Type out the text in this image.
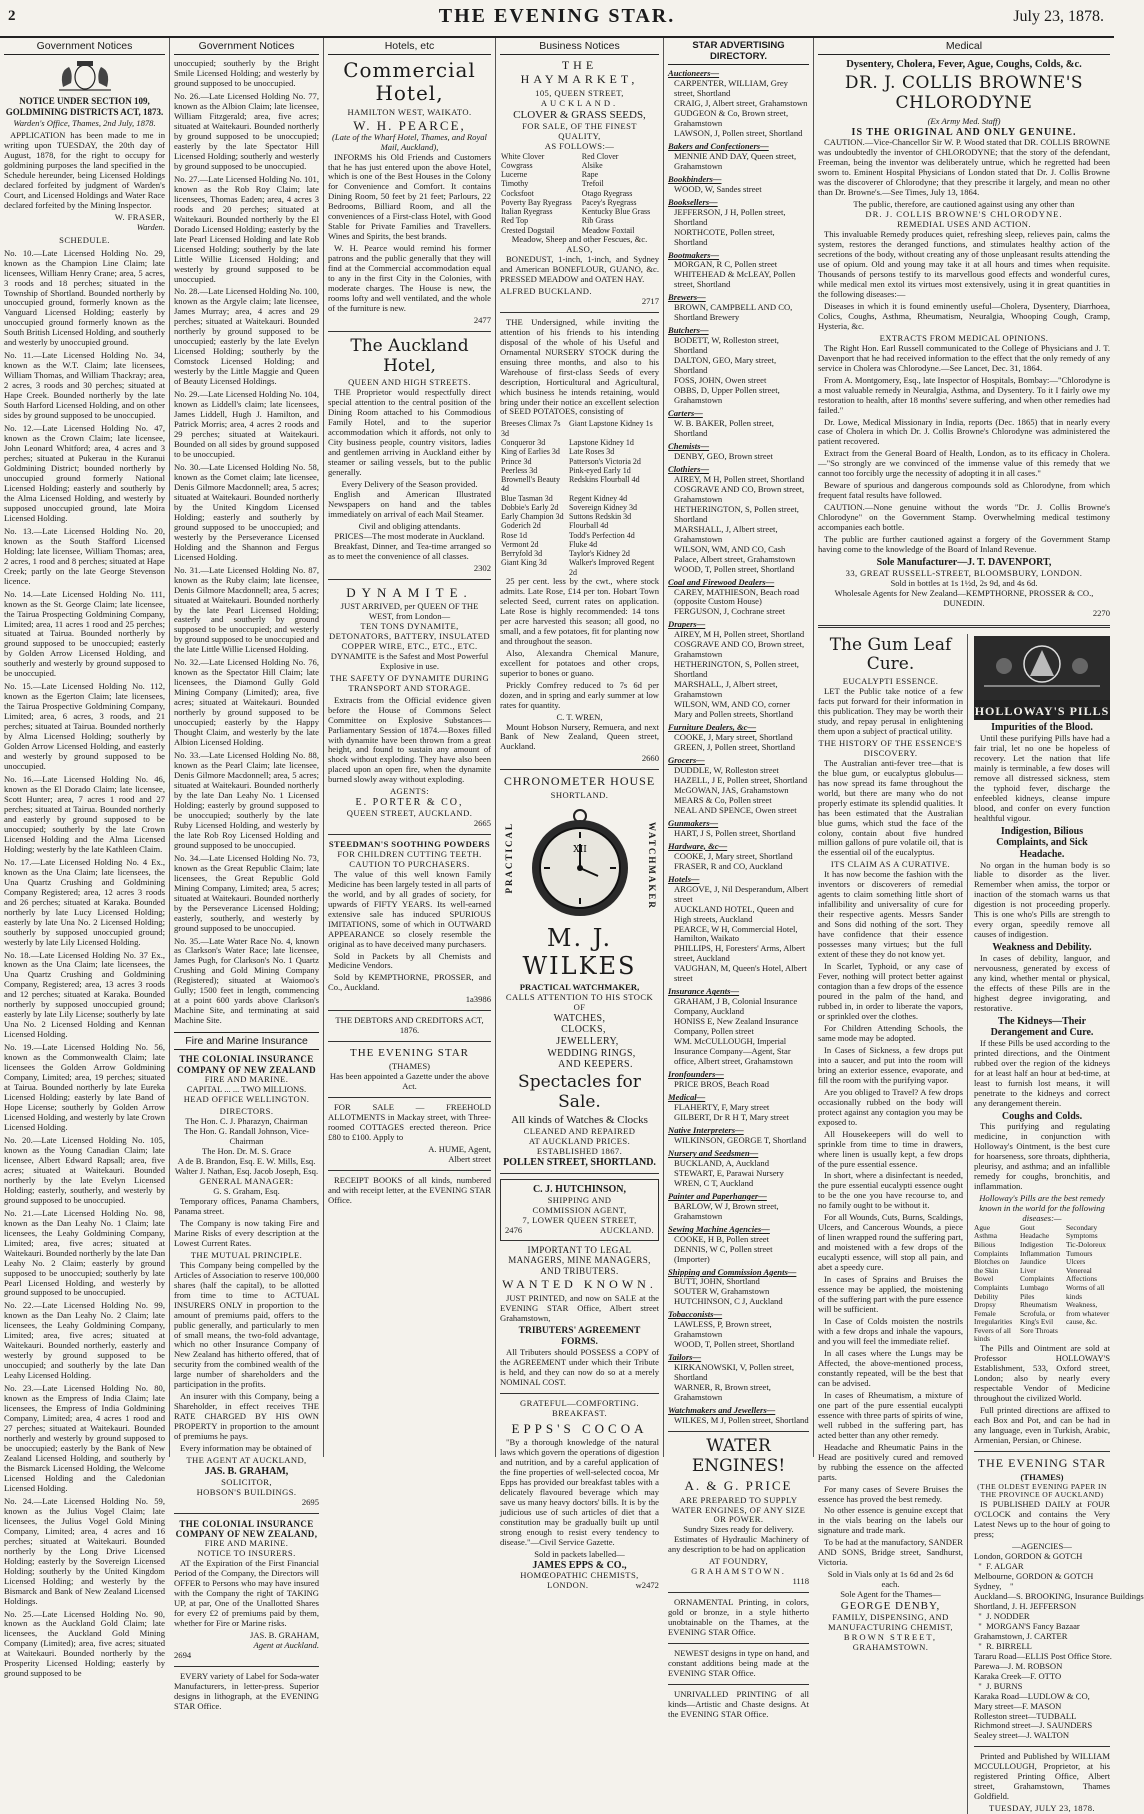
2	THE EVENING STAR.	July 23, 1878.
Government Notices
NOTICE UNDER SECTION 109, GOLDMINING DISTRICTS ACT, 1873.
Warden's Office, Thames, 2nd July, 1878.

APPLICATION has been made to me in writing upon TUESDAY, the 20th day of August, 1878, for the right to occupy for goldmining purposes the land specified in the Schedule hereunder, being Licensed Holdings declared forfeited by judgment of Warden's Court, and Licensed Holdings and Water Race declared forfeited by the Mining Inspector.

W. FRASER,
Warden.
SCHEDULE.
No. 10.—Late Licensed Holding No. 29, known as the Champion Line Claim; late licensees, William Henry Crane; area, 5 acres, 3 roods and 18 perches; situated in the Township of Shortland. Bounded northerly by unoccupied ground, formerly known as the Vanguard Licensed Holding; easterly by unoccupied ground formerly known as the South British Licensed Holding, and southerly and westerly by unoccupied ground.
No. 11.—Late Licensed Holding No. 34, known as the W.T. Claim; late licensees, William Thomas, and William Thackray; area, 2 acres, 3 roods and 30 perches; situated at Hape Creek. Bounded northerly by the late South Harford Licensed Holding, and on other sides by ground supposed to be unoccupied.
No. 12.—Late Licensed Holding No. 47, known as the Crown Claim; late licensee, John Leonard Whitford; area, 4 acres and 3 perches; situated at Pukerau in the Kuranui Goldmining District; bounded northerly by unoccupied ground formerly National Licensed Holding; easterly and southerly by the Alma Licensed Holding, and westerly by supposed unoccupied ground, late Moira Licensed Holding.
No. 13.—Late Licensed Holding No. 20, known as the South Stafford Licensed Holding; late licensee, William Thomas; area, 2 acres, 1 rood and 8 perches; situated at Hape Creek; partly on the late George Stevenson licence.
No. 14.—Late Licensed Holding No. 111, known as the St. George Claim; late licensee, the Tairua Prospecting Goldmining Company, Limited; area, 11 acres 1 rood and 25 perches; situated at Tairua. Bounded northerly by ground supposed to be unoccupied; easterly by Golden Arrow Licensed Holding, and southerly and westerly by ground supposed to be unoccupied.
No. 15.—Late Licensed Holding No. 112, known as the Egerton Claim; late licensees, the Tairua Prospective Goldmining Company, Limited; area, 6 acres, 3 roods, and 21 perches; situated at Tairua. Bounded northerly by Alma Licensed Holding; southerly by Golden Arrow Licensed Holding, and easterly and westerly by ground supposed to be unoccupied.
No. 16.—Late Licensed Holding No. 46, known as the El Dorado Claim; late licensee, Scott Hunter; area, 7 acres 1 rood and 27 perches; situated at Tairua. Bounded northerly and easterly by ground supposed to be unoccupied; southerly by the late Crown Licensed Holding and the Alma Licensed Holding; westerly by the late Kathleen Claim.
No. 17.—Late Licensed Holding No. 4 Ex., known as the Una Claim; late licensees, the Una Quartz Crushing and Goldmining Company Registered; area, 12 acres 3 roods and 26 perches; situated at Karaka. Bounded northerly by late Lucy Licensed Holding; easterly by late Una No. 2 Licensed Holding; southerly by supposed unoccupied ground; westerly by late Lily Licensed Holding.
No. 18.—Late Licensed Holding No. 37 Ex., known as the Una Claim; late licensees, the Una Quartz Crushing and Goldmining Company, Registered; area, 13 acres 3 roods and 12 perches; situated at Karaka. Bounded northerly by supposed unoccupied ground; easterly by late Lily License; southerly by late Una No. 2 Licensed Holding and Kennan Licensed Holding.
No. 19.—Late Licensed Holding No. 56, known as the Commonwealth Claim; late licensees the Golden Arrow Goldmining Company, Limited; area, 19 perches; situated at Tairua. Bounded northerly by late Eureka Licensed Holding; easterly by late Band of Hope License; southerly by Golden Arrow Licensed Holding, and westerly by late Crown Licensed Holding.
No. 20.—Late Licensed Holding No. 105, known as the Young Canadian Claim; late licensee, Albert Edward Rapsall; area, five acres; situated at Waitekauri. Bounded northerly by the late Evelyn Licensed Holding; easterly, southerly, and westerly by ground supposed to be unoccupied.
No. 21.—Late Licensed Holding No. 98, known as the Dan Leahy No. 1 Claim; late licensees, the Leahy Goldmining Company, Limited; area, five acres; situated at Waitekauri. Bounded northerly by the late Dan Leahy No. 2 Claim; easterly by ground supposed to be unoccupied; southerly by late Pearl Licensed Holding, and westerly by ground supposed to be unoccupied.
No. 22.—Late Licensed Holding No. 99, known as the Dan Leahy No. 2 Claim; late licensees, the Leahy Goldmining Company, Limited; area, five acres; situated at Waitekauri. Bounded northerly, easterly and westerly by ground supposed to be unoccupied; and southerly by the late Dan Leahy Licensed Holding.
No. 23.—Late Licensed Holding No. 80, known as the Empress of India Claim; late licensees, the Empress of India Goldmining Company, Limited; area, 4 acres 1 rood and 27 perches; situated at Waitekauri. Bounded northerly and westerly by ground supposed to be unoccupied; easterly by the Bank of New Zealand Licensed Holding, and southerly by the Bismarck Licensed Holding, the Welcome Licensed Holding and the Caledonian Licensed Holding.
No. 24.—Late Licensed Holding No. 59, known as the Julius Vogel Claim; late licensees, the Julius Vogel Gold Mining Company, Limited; area, 4 acres and 16 perches; situated at Waitekauri. Bounded northerly by the Long Drive Licensed Holding; easterly by the Sovereign Licensed Holding; southerly by the United Kingdom Licensed Holding; and westerly by the Bismarck and Bank of New Zealand Licensed Holdings.
No. 25.—Late Licensed Holding No. 90, known as the Auckland Gold Claim; late licensees, the Auckland Gold Mining Company (Limited); area, five acres; situated at Waitekauri. Bounded northerly by the Prosperity Licensed Holding; easterly by ground supposed to be
Government Notices
unoccupied; southerly by the Bright Smile Licensed Holding; and westerly by ground supposed to be unoccupied.
No. 26.—Late Licensed Holding No. 77, known as the Albion Claim; late licensee, William Fitzgerald; area, five acres; situated at Waitekauri. Bounded northerly by ground supposed to be unoccupied; easterly by the late Spectator Hill Licensed Holding; southerly and westerly by ground supposed to be unoccupied.
No. 27.—Late Licensed Holding No. 101, known as the Rob Roy Claim; late licensees, Thomas Eaden; area, 4 acres 3 roods and 20 perches; situated at Waitekauri. Bounded northerly by the El Dorado Licensed Holding; easterly by the late Pearl Licensed Holding and late Rob Licensed Holding; southerly by the late Little Willie Licensed Holding; and westerly by ground supposed to be unoccupied.
No. 28.—Late Licensed Holding No. 100, known as the Argyle claim; late licensee, James Murray; area, 4 acres and 29 perches; situated at Waitekauri. Bounded northerly by ground supposed to be unoccupied; easterly by the late Evelyn Licensed Holding; southerly by the Comstock Licensed Holding; and westerly by the Little Maggie and Queen of Beauty Licensed Holdings.
No. 29.—Late Licensed Holding No. 104, known as Liddell's claim; late licensees, James Liddell, Hugh J. Hamilton, and Patrick Morris; area, 4 acres 2 roods and 29 perches; situated at Waitekauri. Bounded on all sides by ground supposed to be unoccupied.
No. 30.—Late Licensed Holding No. 58, known as the Comet claim; late licensee, Denis Gilmore Macdonnell; area, 5 acres; situated at Waitekauri. Bounded northerly by the United Kingdom Licensed Holding; easterly and southerly by ground supposed to be unoccupied; and westerly by the Perseverance Licensed Holding and the Shannon and Fergus Licensed Holding.
No. 31.—Late Licensed Holding No. 87, known as the Ruby claim; late licensee, Denis Gilmore Macdonnell; area, 5 acres; situated at Waitekauri. Bounded northerly by the late Pearl Licensed Holding; easterly and southerly by ground supposed to be unoccupied; and westerly by ground supposed to be unoccupied and the late Little Willie Licensed Holding.
No. 32.—Late Licensed Holding No. 76, known as the Spectator Hill Claim; late licensees, the Diamond Gully Gold Mining Company (Limited); area, five acres; situated at Waitekauri. Bounded northerly by ground supposed to be unoccupied; easterly by the Happy Thought Claim, and westerly by the late Albion Licensed Holding.
No. 33.—Late Licensed Holding No. 88, known as the Pearl Claim; late licensee, Denis Gilmore Macdonnell; area, 5 acres; situated at Waitekauri. Bounded northerly by the late Dan Leahy No. 1 Licensed Holding; easterly by ground supposed to be unoccupied; southerly by the late Ruby Licensed Holding, and westerly by the late Rob Roy Licensed Holding and ground supposed to be unoccupied.
No. 34.—Late Licensed Holding No. 73, known as the Great Republic Claim; late licensees, the Great Republic Gold Mining Company, Limited; area, 5 acres; situated at Waitekauri. Bounded northerly by the Perseverance Licensed Holding; easterly, southerly, and westerly by ground supposed to be unoccupied.
No. 35.—Late Water Race No. 4, known as Clarkson's Water Race; late licensee, James Pugh, for Clarkson's No. 1 Quartz Crushing and Gold Mining Company (Registered); situated at Waiomoo's Gully; 1500 feet in length, commencing at a point 600 yards above Clarkson's Machine Site, and terminating at said Machine Site.
Fire and Marine Insurance
THE COLONIAL INSURANCE COMPANY OF NEW ZEALAND
FIRE AND MARINE.
CAPITAL ... ... TWO MILLIONS.
HEAD OFFICE WELLINGTON.
DIRECTORS.
The Hon. C. J. Pharazyn, Chairman
The Hon. G. Randall Johnson, Vice-Chairman
The Hon. Dr. M. S. Grace
A de B. Brandon, Esq. E. W. Mills, Esq.
Walter J. Nathan, Esq. Jacob Joseph, Esq.
GENERAL MANAGER:
G. S. Graham, Esq.

Temporary offices, Panama Chambers, Panama street.

The Company is now taking Fire and Marine Risks of every description at the Lowest Current Rates.

THE MUTUAL PRINCIPLE.

This Company being compelled by the Articles of Association to reserve 100,000 shares (half the capital), to be allotted from time to time to ACTUAL INSURERS ONLY in proportion to the amount of premiums paid, offers to the public generally, and particularly to men of small means, the two-fold advantage, which no other Insurance Company of New Zealand has hitherto offered, that of security from the combined wealth of the large number of shareholders and the participation in the profits.

An insurer with this Company, being a Shareholder, in effect receives THE RATE CHARGED BY HIS OWN PROPERTY in proportion to the amount of premiums he pays.

Every information may be obtained of

THE AGENT AT AUCKLAND,
JAS. B. GRAHAM,
SOLICITOR,
HOBSON'S BUILDINGS.
2695
THE COLONIAL INSURANCE COMPANY OF NEW ZEALAND,
FIRE AND MARINE.
NOTICE TO INSURERS.

AT the Expiration of the First Financial Period of the Company, the Directors will OFFER to Persons who may have insured with the Company the right of TAKING UP, at par, One of the Unallotted Shares for every £2 of premiums paid by them, whether for Fire or Marine risks.

JAS. B. GRAHAM,
Agent at Auckland.
2694

EVERY variety of Label for Soda-water Manufacturers, in letter-press. Superior designs in lithograph, at the EVENING STAR Office.

Hotels, etc
Commercial Hotel,
HAMILTON WEST, WAIKATO.
W. H. PEARCE,
(Late of the Wharf Hotel, Thames, and Royal Mail, Auckland),

INFORMS his Old Friends and Customers that he has just entered upon the above Hotel, which is one of the Best Houses in the Colony for Convenience and Comfort. It contains Dining Room, 50 feet by 21 feet; Parlours, 22 Bedrooms, Billiard Room, and all the conveniences of a First-class Hotel, with Good Stable for Private Families and Travellers. Wines and Spirits, the best brands.

W. H. Pearce would remind his former patrons and the public generally that they will find at the Commercial accommodation equal to any in the first City in the Colonies, with moderate charges. The House is new, the rooms lofty and well ventilated, and the whole of the furniture is new.

2477
The Auckland Hotel,
QUEEN AND HIGH STREETS.

THE Proprietor would respectfully direct special attention to the central position of the Dining Room attached to his Commodious Family Hotel, and to the superior accommodation which it affords, not only to City business people, country visitors, ladies and gentlemen arriving in Auckland either by steamer or sailing vessels, but to the public generally.

Every Delivery of the Season provided.

English and American Illustrated Newspapers on hand and the tables immediately on arrival of each Mail Steamer.

Civil and obliging attendants.
PRICES—The most moderate in Auckland.

Breakfast, Dinner, and Tea-time arranged so as to meet the convenience of all classes.

2302
DYNAMITE.
JUST ARRIVED, per QUEEN OF THE WEST, from London—
TEN TONS DYNAMITE, DETONATORS, BATTERY, INSULATED COPPER WIRE, ETC., ETC., ETC.
DYNAMITE is the Safest and Most Powerful Explosive in use.
THE SAFETY OF DYNAMITE DURING TRANSPORT AND STORAGE.

Extracts from the Official evidence given before the House of Commons Select Committee on Explosive Substances—Parliamentary Session of 1874.—Boxes filled with dynamite have been thrown from a great height, and found to sustain any amount of shock without exploding. They have also been placed upon an open fire, when the dynamite burned slowly away without exploding.

AGENTS:
E. PORTER & CO,
QUEEN STREET, AUCKLAND.
2665
STEEDMAN'S SOOTHING POWDERS
FOR CHILDREN CUTTING TEETH.
CAUTION TO PURCHASERS.

The value of this well known Family Medicine has been largely tested in all parts of the world, and by all grades of society, for upwards of FIFTY YEARS. Its well-earned extensive sale has induced SPURIOUS IMITATIONS, some of which in OUTWARD APPEARANCE so closely resemble the original as to have deceived many purchasers.

Sold in Packets by all Chemists and Medicine Vendors.

Sold by KEMPTHORNE, PROSSER, and Co., Auckland.

1a3986
THE DEBTORS AND CREDITORS ACT, 1876.
THE EVENING STAR
(THAMES)
Has been appointed a Gazette under the above Act.

FOR SALE — FREEHOLD ALLOTMENTS in Mackay street, with Three-roomed COTTAGES erected thereon. Price £80 to £100. Apply to

A. HUME, Agent,
Albert street

RECEIPT BOOKS of all kinds, numbered and with receipt letter, at the EVENING STAR Office.

Business Notices
THE HAYMARKET,
105, QUEEN STREET,
AUCKLAND.
CLOVER & GRASS SEEDS,
FOR SALE, OF THE FINEST QUALITY,
AS FOLLOWS:—
White Clover	Red Clover
Cowgrass	Alsike
Lucerne	Rape
Timothy	Trefoil
Cocksfoot	Otago Ryegrass
Poverty Bay Ryegrass	Pacey's Ryegrass
Italian Ryegrass	Kentucky Blue Grass
Red Top	Rib Grass
Crested Dogstail	Meadow Foxtail
Meadow, Sheep and other Fescues, &c.
ALSO,

BONEDUST, 1-inch, 1-inch, and Sydney and American BONEFLOUR, GUANO, &c. PRESSED MEADOW and OATEN HAY.

ALFRED BUCKLAND.
2717

THE Undersigned, while inviting the attention of his friends to his intending disposal of the whole of his Useful and Ornamental NURSERY STOCK during the ensuing three months, and also to his Warehouse of first-class Seeds of every description, Horticultural and Agricultural, which business he intends retaining, would bring under their notice an excellent selection of SEED POTATOES, consisting of

Breeses Climax 7s 3d	Giant Lapstone Kidney 1s
Conqueror 3d	Lapstone Kidney 1d
King of Earlies 3d	Late Roses 3d
Prince 3d	Patterson's Victoria 2d
Peerless 3d	Pink-eyed Early 1d
Brownell's Beauty 4d	Redskins Flourball 4d
Blue Tasman 3d	Regent Kidney 4d
Dobbie's Early 2d	Sovereign Kidney 3d
Early Champion 3d	Suttons Redskin 3d
Goderich 2d	Flourball 4d
Rose 1d	Todd's Perfection 4d
Vermont 2d	Fluke 4d
Berryfold 3d	Taylor's Kidney 2d
Giant King 3d	Walker's Improved Regent 2d

25 per cent. less by the cwt., where stock admits. Late Rose, £14 per ton. Hobart Town selected Seed, current rates on application. Late Rose is highly recommended: 14 tons per acre harvested this season; all good, no small, and a few potatoes, fit for planting now and throughout the season.

Also, Alexandra Chemical Manure, excellent for potatoes and other crops, superior to bones or guano.

Prickly Comfrey reduced to 7s 6d per dozen, and in spring and early summer at low rates for quantity.

C. T. WREN,

Mount Hobson Nursery, Remuera, and next Bank of New Zealand, Queen street, Auckland.

2660
CHRONOMETER HOUSE
SHORTLAND.
PRACTICAL	XII	WATCHMAKER
M. J. WILKES
PRACTICAL WATCHMAKER,
CALLS ATTENTION TO HIS STOCK OF
WATCHES,
CLOCKS,
JEWELLERY,
WEDDING RINGS,
AND KEEPERS.
Spectacles for Sale.
All kinds of Watches & Clocks
CLEANED AND REPAIRED
AT AUCKLAND PRICES.
ESTABLISHED 1867.
POLLEN STREET, SHORTLAND.
C. J. HUTCHINSON,
SHIPPING AND
COMMISSION AGENT,
7, LOWER QUEEN STREET,
2476	AUCKLAND.
IMPORTANT TO LEGAL MANAGERS, MINE MANAGERS, AND TRIBUTERS.
WANTED KNOWN.

JUST PRINTED, and now on SALE at the EVENING STAR Office, Albert street Grahamstown,

TRIBUTERS' AGREEMENT FORMS.

All Tributers should POSSESS a COPY of the AGREEMENT under which their Tribute is held, and they can now do so at a merely NOMINAL COST.

GRATEFUL—COMFORTING.
BREAKFAST.
EPPS'S COCOA

"By a thorough knowledge of the natural laws which govern the operations of digestion and nutrition, and by a careful application of the fine properties of well-selected cocoa, Mr Epps has provided our breakfast tables with a delicately flavoured beverage which may save us many heavy doctors' bills. It is by the judicious use of such articles of diet that a constitution may be gradually built up until strong enough to resist every tendency to disease."—Civil Service Gazette.

Sold in packets labelled—
JAMES EPPS & CO.,
HOMŒOPATHIC CHEMISTS,
LONDON.	w2472
STAR ADVERTISING DIRECTORY.
Auctioneers—
CARPENTER, WILLIAM, Grey street, Shortland
CRAIG, J, Albert street, Grahamstown
GUDGEON & Co, Brown street, Grahamstown
LAWSON, J, Pollen street, Shortland
Bakers and Confectioners—
MENNIE AND DAY, Queen street, Grahamstown
Bookbinders—
WOOD, W, Sandes street
Booksellers—
JEFFERSON, J H, Pollen street, Shortland
NORTHCOTE, Pollen street, Shortland
Bootmakers—
MORGAN, R C, Pollen street
WHITEHEAD & McLEAY, Pollen street, Shortland
Brewers—
BROWN, CAMPBELL AND CO, Shortland Brewery
Butchers—
BODETT, W, Rolleston street, Shortland
DALTON, GEO, Mary street, Shortland
FOSS, JOHN, Owen street
OBBS, D, Upper Pollen street, Grahamstown
Carters—
W. B. BAKER, Pollen street, Shortland
Chemists—
DENBY, GEO, Brown street
Clothiers—
AIREY, M H, Pollen street, Shortland
COSGRAVE AND CO, Brown street, Grahamstown
HETHERINGTON, S, Pollen street, Shortland
MARSHALL, J, Albert street, Grahamstown
WILSON, WM, AND CO, Cash Palace, Albert street, Grahamstown
WOOD, T, Pollen street, Shortland
Coal and Firewood Dealers—
CAREY, MATHIESON, Beach road (opposite Custom House)
FERGUSON, J, Cochrane street
Drapers—
AIREY, M H, Pollen street, Shortland
COSGRAVE AND CO, Brown street, Grahamstown
HETHERINGTON, S, Pollen street, Shortland
MARSHALL, J, Albert street, Grahamstown
WILSON, WM, AND CO, corner Mary and Pollen streets, Shortland
Furniture Dealers, &c—
COOKE, J, Mary street, Shortland
GREEN, J, Pollen street, Shortland
Grocers—
DUDDLE, W, Rolleston street
HAZELL, J E, Pollen street, Shortland
McGOWAN, JAS, Grahamstown
MEARS & Co, Pollen street
NEAL AND SPENCE, Owen street
Gunmakers—
HART, J S, Pollen street, Shortland
Hardware, &c—
COOKE, J, Mary street, Shortland
FRASER, R and CO, Auckland
Hotels—
ARGOVE, J, Nil Desperandum, Albert street
AUCKLAND HOTEL, Queen and High streets, Auckland
PEARCE, W H, Commercial Hotel, Hamilton, Waikato
PHILLIPS, H, Foresters' Arms, Albert street, Auckland
VAUGHAN, M, Queen's Hotel, Albert street
Insurance Agents—
GRAHAM, J B, Colonial Insurance Company, Auckland
HONISS E, New Zealand Insurance Company, Pollen street
WM. McCULLOUGH, Imperial Insurance Company—Agent, Star office, Albert street, Grahamstown
Ironfounders—
PRICE BROS, Beach Road
Medical—
FLAHERTY, F, Mary street
GILBERT, Dr R H T, Mary street
Native Interpreters—
WILKINSON, GEORGE T, Shortland
Nursery and Seedsmen—
BUCKLAND, A, Auckland
STEWART, E, Parawai Nursery
WREN, C T, Auckland
Painter and Paperhanger—
BARLOW, W J, Brown street, Grahamstown
Sewing Machine Agencies—
COOKE, H B, Pollen street
DENNIS, W C, Pollen street (Importer)
Shipping and Commission Agents—
BUTT, JOHN, Shortland
SOUTER W, Grahamstown
HUTCHINSON, C J, Auckland
Tobacconists—
LAWLESS, P, Brown street, Grahamstown
WOOD, T, Pollen street, Shortland
Tailors—
KIRKANOWSKI, V, Pollen street, Shortland
WARNER, R, Brown street, Grahamstown
Watchmakers and Jewellers—
WILKES, M J, Pollen street, Shortland
WATER ENGINES!
A. & G. PRICE
ARE PREPARED TO SUPPLY WATER ENGINES, OF ANY SIZE OR POWER.
Sundry Sizes ready for delivery.

Estimates of Hydraulic Machinery of any description to be had on application

AT FOUNDRY,
GRAHAMSTOWN.
1118

ORNAMENTAL Printing, in colors, gold or bronze, in a style hitherto unobtainable on the Thames, at the EVENING STAR Office.

NEWEST designs in type on hand, and constant additions being made at the EVENING STAR Office.

UNRIVALLED PRINTING of all kinds—Artistic and Chaste designs. At the EVENING STAR Office.

Medical
Dysentery, Cholera, Fever, Ague, Coughs, Colds, &c.
DR. J. COLLIS BROWNE'S CHLORODYNE
(Ex Army Med. Staff)
IS THE ORIGINAL AND ONLY GENUINE.

CAUTION.—Vice-Chancellor Sir W. P. Wood stated that DR. COLLIS BROWNE was undoubtedly the inventor of CHLORODYNE; that the story of the defendant, Freeman, being the inventor was deliberately untrue, which he regretted had been sworn to. Eminent Hospital Physicians of London stated that Dr. J. Collis Browne was the discoverer of Chlorodyne; that they prescribe it largely, and mean no other than Dr. Browne's.—See Times, July 13, 1864.

The public, therefore, are cautioned against using any other than
DR. J. COLLIS BROWNE'S CHLORODYNE.
REMEDIAL USES AND ACTION.

This invaluable Remedy produces quiet, refreshing sleep, relieves pain, calms the system, restores the deranged functions, and stimulates healthy action of the secretions of the body, without creating any of those unpleasant results attending the use of opium. Old and young may take it at all hours and times when requisite. Thousands of persons testify to its marvellous good effects and wonderful cures, while medical men extol its virtues most extensively, using it in great quantities in the following diseases:—

Diseases in which it is found eminently useful—Cholera, Dysentery, Diarrhoea, Colics, Coughs, Asthma, Rheumatism, Neuralgia, Whooping Cough, Cramp, Hysteria, &c.

EXTRACTS FROM MEDICAL OPINIONS.

The Right Hon. Earl Russell communicated to the College of Physicians and J. T. Davenport that he had received information to the effect that the only remedy of any service in Cholera was Chlorodyne.—See Lancet, Dec. 31, 1864.

From A. Montgomery, Esq., late Inspector of Hospitals, Bombay:—"Chlorodyne is a most valuable remedy in Neuralgia, Asthma, and Dysentery. To it I fairly owe my restoration to health, after 18 months' severe suffering, and when other remedies had failed."

Dr. Lowe, Medical Missionary in India, reports (Dec. 1865) that in nearly every case of Cholera in which Dr. J. Collis Browne's Chlorodyne was administered the patient recovered.

Extract from the General Board of Health, London, as to its efficacy in Cholera.—"So strongly are we convinced of the immense value of this remedy that we cannot too forcibly urge the necessity of adopting it in all cases."

Beware of spurious and dangerous compounds sold as Chlorodyne, from which frequent fatal results have followed.

CAUTION.—None genuine without the words "Dr. J. Collis Browne's Chlorodyne" on the Government Stamp. Overwhelming medical testimony accompanies each bottle.

The public are further cautioned against a forgery of the Government Stamp having come to the knowledge of the Board of Inland Revenue.

Sole Manufacturer—J. T. DAVENPORT,
33, GREAT RUSSELL-STREET, BLOOMSBURY, LONDON.
Sold in bottles at 1s 1½d, 2s 9d, and 4s 6d.
Wholesale Agents for New Zealand—KEMPTHORNE, PROSSER & CO., DUNEDIN.
2270
The Gum Leaf Cure.
EUCALYPTI ESSENCE.

LET the Public take notice of a few facts put forward for their information in this publication. They may be worth their study, and repay perusal in enlightening them upon a subject of practical utility.

THE HISTORY OF THE ESSENCE'S DISCOVERY.

The Australian anti-fever tree—that is the blue gum, or eucalyptus globulus—has now spread its fame throughout the world, but there are many who do not properly estimate its splendid qualities. It has been estimated that the Australian blue gums, which stud the face of the colony, contain about five hundred million gallons of pure volatile oil, that is the essential oil of the eucalyptus.

ITS CLAIM AS A CURATIVE.

It has now become the fashion with the inventors or discoverers of remedial agents to claim something little short of infallibility and universality of cure for their respective agents. Messrs Sander and Sons did nothing of the sort. They have confidence that their essence possesses many virtues; but the full extent of these they do not know yet.

In Scarlet, Typhoid, or any case of Fever, nothing will protect better against contagion than a few drops of the essence poured in the palm of the hand, and rubbed in, in order to liberate the vapors, or sprinkled over the clothes.

For Children Attending Schools, the same mode may be adopted.

In Cases of Sickness, a few drops put into a saucer, and put into the room will bring an exterior essence, evaporate, and fill the room with the purifying vapor.

Are you obliged to Travel? A few drops occasionally rubbed on the body will protect against any contagion you may be exposed to.

All Housekeepers will do well to sprinkle from time to time in drawers, where linen is usually kept, a few drops of the pure essential essence.

In short, where a disinfectant is needed, the pure essential eucalypti essence ought to be the one you have recourse to, and no family ought to be without it.

For all Wounds, Cuts, Burns, Scaldings, Ulcers, and Cancerous Wounds, a piece of linen wrapped round the suffering part, and moistened with a few drops of the eucalypti essence, will stop all pain, and abet a speedy cure.

In cases of Sprains and Bruises the essence may be applied, the moistening of the suffering part with the pure essence will be sufficient.

In Case of Colds moisten the nostrils with a few drops and inhale the vapours, and you will feel the immediate relief.

In all cases where the Lungs may be Affected, the above-mentioned process, constantly repeated, will be the best that can be advised.

In cases of Rheumatism, a mixture of one part of the pure essential eucalypti essence with three parts of spirits of wine, well rubbed in the suffering part, has acted better than any other remedy.

Headache and Rheumatic Pains in the Head are positively cured and removed by rubbing the essence on the affected parts.

For many cases of Severe Bruises the essence has proved the best remedy.

No other essence is genuine except that in the vials bearing on the labels our signature and trade mark.

To be had at the manufactory, SANDER AND SONS, Bridge street, Sandhurst, Victoria.

Sold in Vials only at 1s 6d and 2s 6d each.
Sole Agent for the Thames—
GEORGE DENBY,
FAMILY, DISPENSING, AND MANUFACTURING CHEMIST,
BROWN STREET,
GRAHAMSTOWN.
HOLLOWAY'S PILLS
Impurities of the Blood.

Until these purifying Pills have had a fair trial, let no one be hopeless of recovery. Let the nation that life mainly is terminable, a few doses will remove all distressed sickness, stem the typhoid fever, discharge the enfeebled kidneys, cleanse impure blood, and confer on every function healthful vigour.

Indigestion, Bilious Complaints, and Sick Headache.

No organ in the human body is so liable to disorder as the liver. Remember when amiss, the torpor or inaction of the stomach warns us that digestion is not proceeding properly. This is one who's Pills are strength to every organ, speedily remove all causes of indigestion.

Weakness and Debility.

In cases of debility, languor, and nervousness, generated by excess of any kind, whether mental or physical, the effects of these Pills are in the highest degree invigorating, and restorative.

The Kidneys—Their Derangement and Cure.

If these Pills be used according to the printed directions, and the Ointment rubbed over the region of the kidneys for at least half an hour at bed-time, at least to furnish lost means, it will penetrate to the kidneys and correct any derangement therein.

Coughs and Colds.

This purifying and regulating medicine, in conjunction with Holloway's Ointment, is the best cure for hoarseness, sore throats, diphtheria, pleurisy, and asthma; and an infallible remedy for coughs, bronchitis, and inflammation.

Holloway's Pills are the best remedy known in the world for the following diseases:—
Ague
Asthma
Bilious Complaints
Blotches on the Skin
Bowel Complaints
Debility
Dropsy
Female Irregularities
Fevers of all kinds
Gout
Headache
Indigestion
Inflammation
Jaundice
Liver Complaints
Lumbago
Piles
Rheumatism
Scrofula, or King's Evil
Sore Throats
Secondary Symptoms
Tic-Doloreux
Tumours
Ulcers
Venereal Affections
Worms of all kinds
Weakness, from whatever cause, &c.

The Pills and Ointment are sold at Professor HOLLOWAY'S Establishment, 533, Oxford street, London; also by nearly every respectable Vendor of Medicine throughout the civilized World.

Full printed directions are affixed to each Box and Pot, and can be had in any language, even in Turkish, Arabic, Armenian, Persian, or Chinese.

THE EVENING STAR
(THAMES)
(THE OLDEST EVENING PAPER IN THE PROVINCE OF AUCKLAND)

IS PUBLISHED DAILY at FOUR O'CLOCK and contains the Very Latest News up to the hour of going to press;

—AGENCIES—
London, GORDON & GOTCH
"  F. ALGAR
Melbourne, GORDON & GOTCH
Sydney,    "
Auckland—S. BROOKING, Insurance Buildings
Shortland, J. H. JEFFERSON
"  J. NODDER
"  MORGAN'S Fancy Bazaar
Grahamstown, J. CARTER
"  R. BIRRELL
Tararu Road—ELLIS Post Office Store.
Parewa—J. M. ROBSON
Karaka Creek—F. OTTO
"  J. BURNS
Karaka Road—LUDLOW & CO,
Mary street—F. MASON
Rolleston street—TUDBALL
Richmond street—J. SAUNDERS
Sealey street—J. WALTON

Printed and Published by WILLIAM MCCULLOUGH, Proprietor, at his registered Printing Office, Albert street, Grahamstown, Thames Goldfield.

TUESDAY, JULY 23, 1878.
